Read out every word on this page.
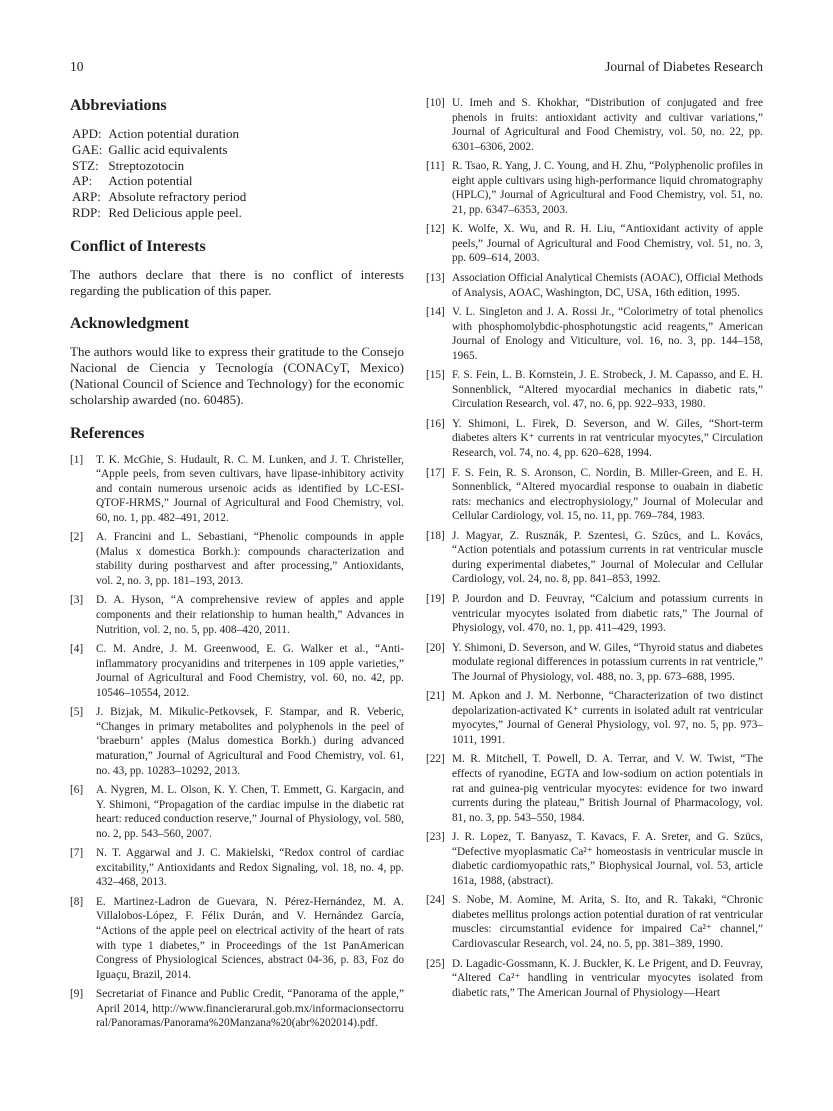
10	Journal of Diabetes Research
Abbreviations
APD:	Action potential duration
GAE:	Gallic acid equivalents
STZ:	Streptozotocin
AP:	Action potential
ARP:	Absolute refractory period
RDP:	Red Delicious apple peel.
Conflict of Interests

The authors declare that there is no conflict of interests regarding the publication of this paper.

Acknowledgment

The authors would like to express their gratitude to the Consejo Nacional de Ciencia y Tecnología (CONACyT, Mexico) (National Council of Science and Technology) for the economic scholarship awarded (no. 60485).

References
[1]	T. K. McGhie, S. Hudault, R. C. M. Lunken, and J. T. Christeller, “Apple peels, from seven cultivars, have lipase-inhibitory activity and contain numerous ursenoic acids as identified by LC-ESI-QTOF-HRMS,” Journal of Agricultural and Food Chemistry, vol. 60, no. 1, pp. 482–491, 2012.
[2]	A. Francini and L. Sebastiani, “Phenolic compounds in apple (Malus x domestica Borkh.): compounds characterization and stability during postharvest and after processing,” Antioxidants, vol. 2, no. 3, pp. 181–193, 2013.
[3]	D. A. Hyson, “A comprehensive review of apples and apple components and their relationship to human health,” Advances in Nutrition, vol. 2, no. 5, pp. 408–420, 2011.
[4]	C. M. Andre, J. M. Greenwood, E. G. Walker et al., “Anti-inflammatory procyanidins and triterpenes in 109 apple varieties,” Journal of Agricultural and Food Chemistry, vol. 60, no. 42, pp. 10546–10554, 2012.
[5]	J. Bizjak, M. Mikulic-Petkovsek, F. Stampar, and R. Veberic, “Changes in primary metabolites and polyphenols in the peel of ‘braeburn’ apples (Malus domestica Borkh.) during advanced maturation,” Journal of Agricultural and Food Chemistry, vol. 61, no. 43, pp. 10283–10292, 2013.
[6]	A. Nygren, M. L. Olson, K. Y. Chen, T. Emmett, G. Kargacin, and Y. Shimoni, “Propagation of the cardiac impulse in the diabetic rat heart: reduced conduction reserve,” Journal of Physiology, vol. 580, no. 2, pp. 543–560, 2007.
[7]	N. T. Aggarwal and J. C. Makielski, “Redox control of cardiac excitability,” Antioxidants and Redox Signaling, vol. 18, no. 4, pp. 432–468, 2013.
[8]	E. Martinez-Ladron de Guevara, N. Pérez-Hernández, M. A. Villalobos-López, F. Félix Durán, and V. Hernández García, “Actions of the apple peel on electrical activity of the heart of rats with type 1 diabetes,” in Proceedings of the 1st PanAmerican Congress of Physiological Sciences, abstract 04-36, p. 83, Foz do Iguaçu, Brazil, 2014.
[9]	Secretariat of Finance and Public Credit, “Panorama of the apple,” April 2014, http://www.financierarural.gob.mx/informacionsectorrural/Panoramas/Panorama%20Manzana%20(abr%202014).pdf.
[10] U. Imeh and S. Khokhar, “Distribution of conjugated and free phenols in fruits: antioxidant activity and cultivar variations,” Journal of Agricultural and Food Chemistry, vol. 50, no. 22, pp. 6301–6306, 2002.
[11] R. Tsao, R. Yang, J. C. Young, and H. Zhu, “Polyphenolic profiles in eight apple cultivars using high-performance liquid chromatography (HPLC),” Journal of Agricultural and Food Chemistry, vol. 51, no. 21, pp. 6347–6353, 2003.
[12] K. Wolfe, X. Wu, and R. H. Liu, “Antioxidant activity of apple peels,” Journal of Agricultural and Food Chemistry, vol. 51, no. 3, pp. 609–614, 2003.
[13] Association Official Analytical Chemists (AOAC), Official Methods of Analysis, AOAC, Washington, DC, USA, 16th edition, 1995.
[14] V. L. Singleton and J. A. Rossi Jr., “Colorimetry of total phenolics with phosphomolybdic-phosphotungstic acid reagents,” American Journal of Enology and Viticulture, vol. 16, no. 3, pp. 144–158, 1965.
[15] F. S. Fein, L. B. Kornstein, J. E. Strobeck, J. M. Capasso, and E. H. Sonnenblick, “Altered myocardial mechanics in diabetic rats,” Circulation Research, vol. 47, no. 6, pp. 922–933, 1980.
[16] Y. Shimoni, L. Firek, D. Severson, and W. Giles, “Short-term diabetes alters K⁺ currents in rat ventricular myocytes,” Circulation Research, vol. 74, no. 4, pp. 620–628, 1994.
[17] F. S. Fein, R. S. Aronson, C. Nordin, B. Miller-Green, and E. H. Sonnenblick, “Altered myocardial response to ouabain in diabetic rats: mechanics and electrophysiology,” Journal of Molecular and Cellular Cardiology, vol. 15, no. 11, pp. 769–784, 1983.
[18] J. Magyar, Z. Rusznák, P. Szentesi, G. Szûcs, and L. Kovács, “Action potentials and potassium currents in rat ventricular muscle during experimental diabetes,” Journal of Molecular and Cellular Cardiology, vol. 24, no. 8, pp. 841–853, 1992.
[19] P. Jourdon and D. Feuvray, “Calcium and potassium currents in ventricular myocytes isolated from diabetic rats,” The Journal of Physiology, vol. 470, no. 1, pp. 411–429, 1993.
[20] Y. Shimoni, D. Severson, and W. Giles, “Thyroid status and diabetes modulate regional differences in potassium currents in rat ventricle,” The Journal of Physiology, vol. 488, no. 3, pp. 673–688, 1995.
[21] M. Apkon and J. M. Nerbonne, “Characterization of two distinct depolarization-activated K⁺ currents in isolated adult rat ventricular myocytes,” Journal of General Physiology, vol. 97, no. 5, pp. 973–1011, 1991.
[22] M. R. Mitchell, T. Powell, D. A. Terrar, and V. W. Twist, “The effects of ryanodine, EGTA and low-sodium on action potentials in rat and guinea-pig ventricular myocytes: evidence for two inward currents during the plateau,” British Journal of Pharmacology, vol. 81, no. 3, pp. 543–550, 1984.
[23] J. R. Lopez, T. Banyasz, T. Kavacs, F. A. Sreter, and G. Szücs, “Defective myoplasmatic Ca²⁺ homeostasis in ventricular muscle in diabetic cardiomyopathic rats,” Biophysical Journal, vol. 53, article 161a, 1988, (abstract).
[24] S. Nobe, M. Aomine, M. Arita, S. Ito, and R. Takaki, “Chronic diabetes mellitus prolongs action potential duration of rat ventricular muscles: circumstantial evidence for impaired Ca²⁺ channel,” Cardiovascular Research, vol. 24, no. 5, pp. 381–389, 1990.
[25] D. Lagadic-Gossmann, K. J. Buckler, K. Le Prigent, and D. Feuvray, “Altered Ca²⁺ handling in ventricular myocytes isolated from diabetic rats,” The American Journal of Physiology—Heart
